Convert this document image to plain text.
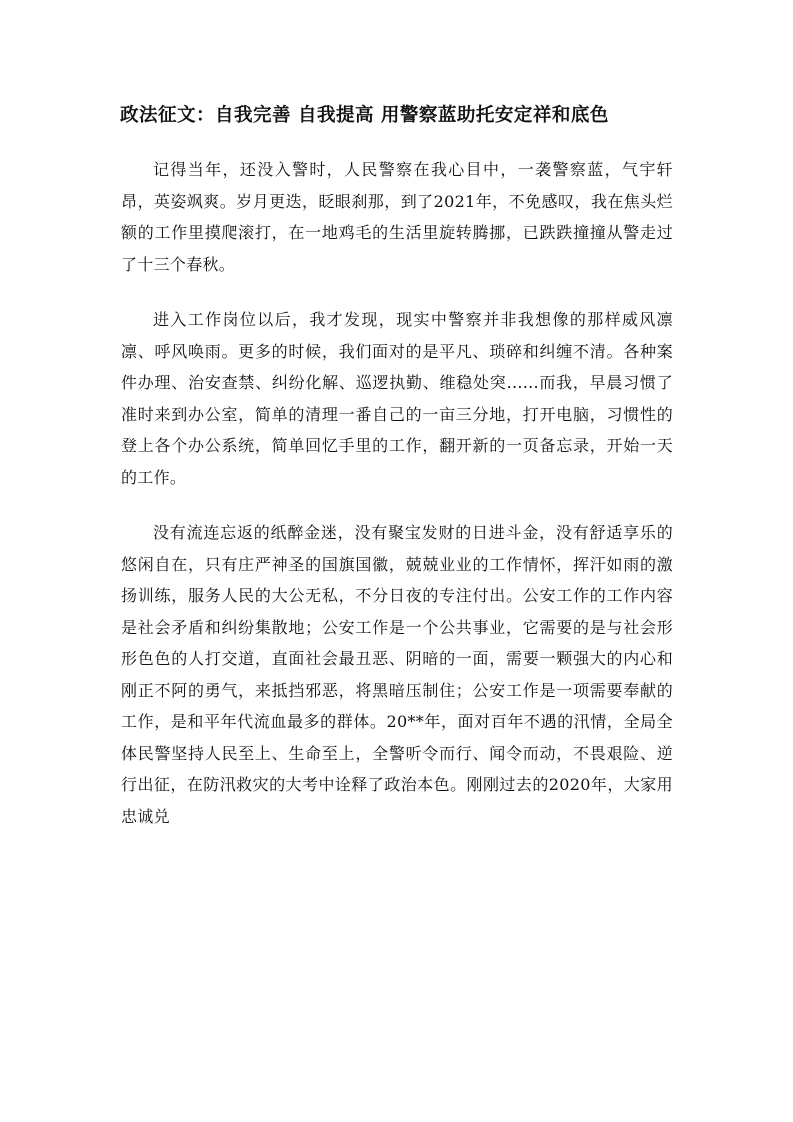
政法征文：自我完善 自我提高 用警察蓝助托安定祥和底色

记得当年，还没入警时，人民警察在我心目中，一袭警察蓝，气宇轩昂，英姿飒爽。岁月更迭，眨眼刹那，到了2021年，不免感叹，我在焦头烂额的工作里摸爬滚打，在一地鸡毛的生活里旋转腾挪，已跌跌撞撞从警走过了十三个春秋。

进入工作岗位以后，我才发现，现实中警察并非我想像的那样威风凛凛、呼风唤雨。更多的时候，我们面对的是平凡、琐碎和纠缠不清。各种案件办理、治安查禁、纠纷化解、巡逻执勤、维稳处突......而我，早晨习惯了准时来到办公室，简单的清理一番自己的一亩三分地，打开电脑，习惯性的登上各个办公系统，简单回忆手里的工作，翻开新的一页备忘录，开始一天的工作。

没有流连忘返的纸醉金迷，没有聚宝发财的日进斗金，没有舒适享乐的悠闲自在，只有庄严神圣的国旗国徽，兢兢业业的工作情怀，挥汗如雨的激扬训练，服务人民的大公无私，不分日夜的专注付出。公安工作的工作内容是社会矛盾和纠纷集散地；公安工作是一个公共事业，它需要的是与社会形形色色的人打交道，直面社会最丑恶、阴暗的一面，需要一颗强大的内心和刚正不阿的勇气，来抵挡邪恶，将黑暗压制住；公安工作是一项需要奉献的工作，是和平年代流血最多的群体。20**年，面对百年不遇的汛情，全局全体民警坚持人民至上、生命至上，全警听令而行、闻令而动，不畏艰险、逆行出征，在防汛救灾的大考中诠释了政治本色。刚刚过去的2020年，大家用忠诚兑
